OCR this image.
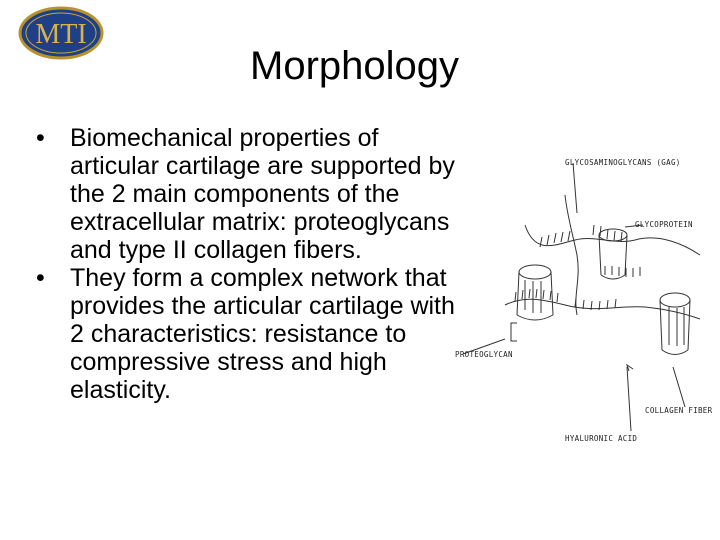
MTI
Morphology
• Biomechanical properties of articular cartilage are supported by the 2 main components of the extracellular matrix: proteoglycans and type II collagen fibers.
• They form a complex network that provides the articular cartilage with 2 characteristics: resistance to compressive stress and high elasticity.
GLYCOSAMINOGLYCANS (GAG)
GLYCOPROTEIN
PROTEOGLYCAN
COLLAGEN FIBER
HYALURONIC ACID
